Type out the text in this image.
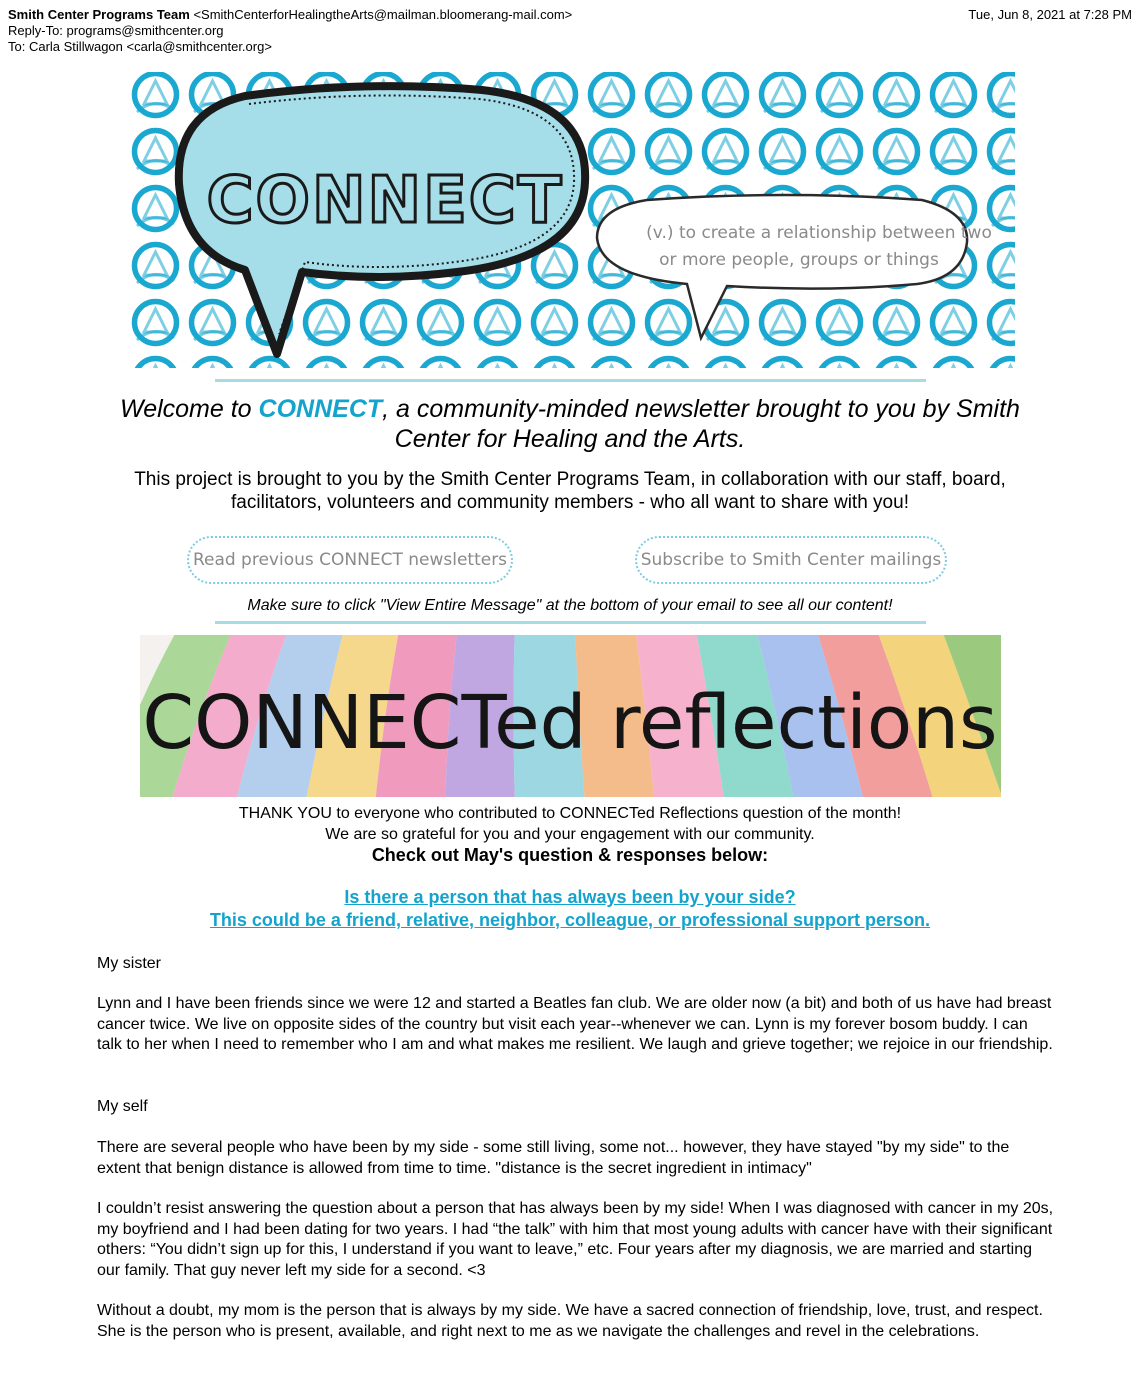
Smith Center Programs Team <SmithCenterforHealingtheArts@mailman.bloomerang-mail.com>
Reply-To: programs@smithcenter.org
To: Carla Stillwagon <carla@smithcenter.org>
Tue, Jun 8, 2021 at 7:28 PM
CONNECT	(v.) to create a relationship between two
or more people, groups or things
Welcome to CONNECT, a community-minded newsletter brought to you by Smith Center for Healing and the Arts.
This project is brought to you by the Smith Center Programs Team, in collaboration with our staff, board, facilitators, volunteers and community members - who all want to share with you!
Read previous CONNECT newsletters	Subscribe to Smith Center mailings
Make sure to click "View Entire Message" at the bottom of your email to see all our content!
CONNECTed reflections
THANK YOU to everyone who contributed to CONNECTed Reflections question of the month!
We are so grateful for you and your engagement with our community.
Check out May's question & responses below:
Is there a person that has always been by your side?
This could be a friend, relative, neighbor, colleague, or professional support person.
My sister
Lynn and I have been friends since we were 12 and started a Beatles fan club. We are older now (a bit) and both of us have had breast cancer twice. We live on opposite sides of the country but visit each year--whenever we can. Lynn is my forever bosom buddy. I can talk to her when I need to remember who I am and what makes me resilient. We laugh and grieve together; we rejoice in our friendship.
My self
There are several people who have been by my side - some still living, some not... however, they have stayed "by my side" to the extent that benign distance is allowed from time to time. "distance is the secret ingredient in intimacy"
I couldn’t resist answering the question about a person that has always been by my side! When I was diagnosed with cancer in my 20s, my boyfriend and I had been dating for two years. I had “the talk” with him that most young adults with cancer have with their significant others: “You didn’t sign up for this, I understand if you want to leave,” etc. Four years after my diagnosis, we are married and starting our family. That guy never left my side for a second. <3
Without a doubt, my mom is the person that is always by my side. We have a sacred connection of friendship, love, trust, and respect. She is the person who is present, available, and right next to me as we navigate the challenges and revel in the celebrations.
